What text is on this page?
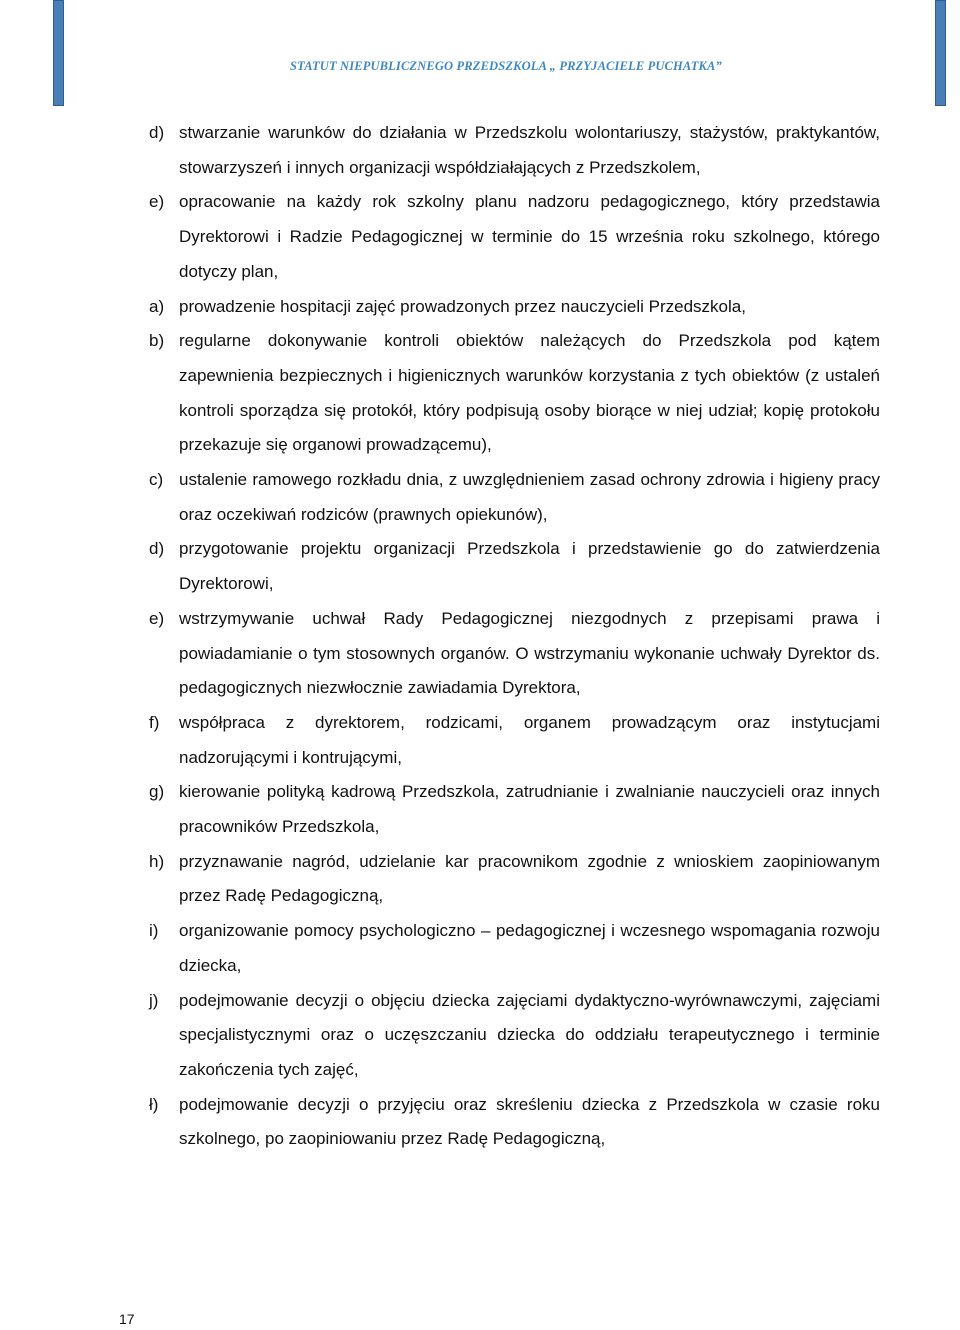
STATUT NIEPUBLICZNEGO PRZEDSZKOLA „ PRZYJACIELE PUCHATKA”
d) stwarzanie warunków do działania w Przedszkolu wolontariuszy, stażystów, praktykantów, stowarzyszeń i innych organizacji współdziałających z Przedszkolem,
e) opracowanie na każdy rok szkolny planu nadzoru pedagogicznego, który przedstawia Dyrektorowi i Radzie Pedagogicznej w terminie do 15 września roku szkolnego, którego dotyczy plan,
a) prowadzenie hospitacji zajęć prowadzonych przez nauczycieli Przedszkola,
b) regularne dokonywanie kontroli obiektów należących do Przedszkola pod kątem zapewnienia bezpiecznych i higienicznych warunków korzystania z tych obiektów (z ustaleń kontroli sporządza się protokół, który podpisują osoby biorące w niej udział; kopię protokołu przekazuje się organowi prowadzącemu),
c) ustalenie ramowego rozkładu dnia, z uwzględnieniem zasad ochrony zdrowia i higieny pracy oraz oczekiwań rodziców (prawnych opiekunów),
d) przygotowanie projektu organizacji Przedszkola i przedstawienie go do zatwierdzenia Dyrektorowi,
e) wstrzymywanie uchwał Rady Pedagogicznej niezgodnych z przepisami prawa i powiadamianie o tym stosownych organów. O wstrzymaniu wykonanie uchwały Dyrektor ds. pedagogicznych niezwłocznie zawiadamia Dyrektora,
f)	współpraca z dyrektorem, rodzicami, organem prowadzącym oraz instytucjami nadzorującymi i kontrującymi,
g) kierowanie polityką kadrową Przedszkola, zatrudnianie i zwalnianie nauczycieli oraz innych pracowników Przedszkola,
h) przyznawanie nagród, udzielanie kar pracownikom zgodnie z wnioskiem zaopiniowanym przez Radę Pedagogiczną,
i)	organizowanie pomocy psychologiczno – pedagogicznej i wczesnego wspomagania rozwoju dziecka,
j)	podejmowanie decyzji o objęciu dziecka zajęciami dydaktyczno-wyrównawczymi, zajęciami specjalistycznymi oraz o uczęszczaniu dziecka do oddziału terapeutycznego i terminie zakończenia tych zajęć,
ł)	podejmowanie decyzji o przyjęciu oraz skreśleniu dziecka z Przedszkola w czasie roku szkolnego, po zaopiniowaniu przez Radę Pedagogiczną,
17
